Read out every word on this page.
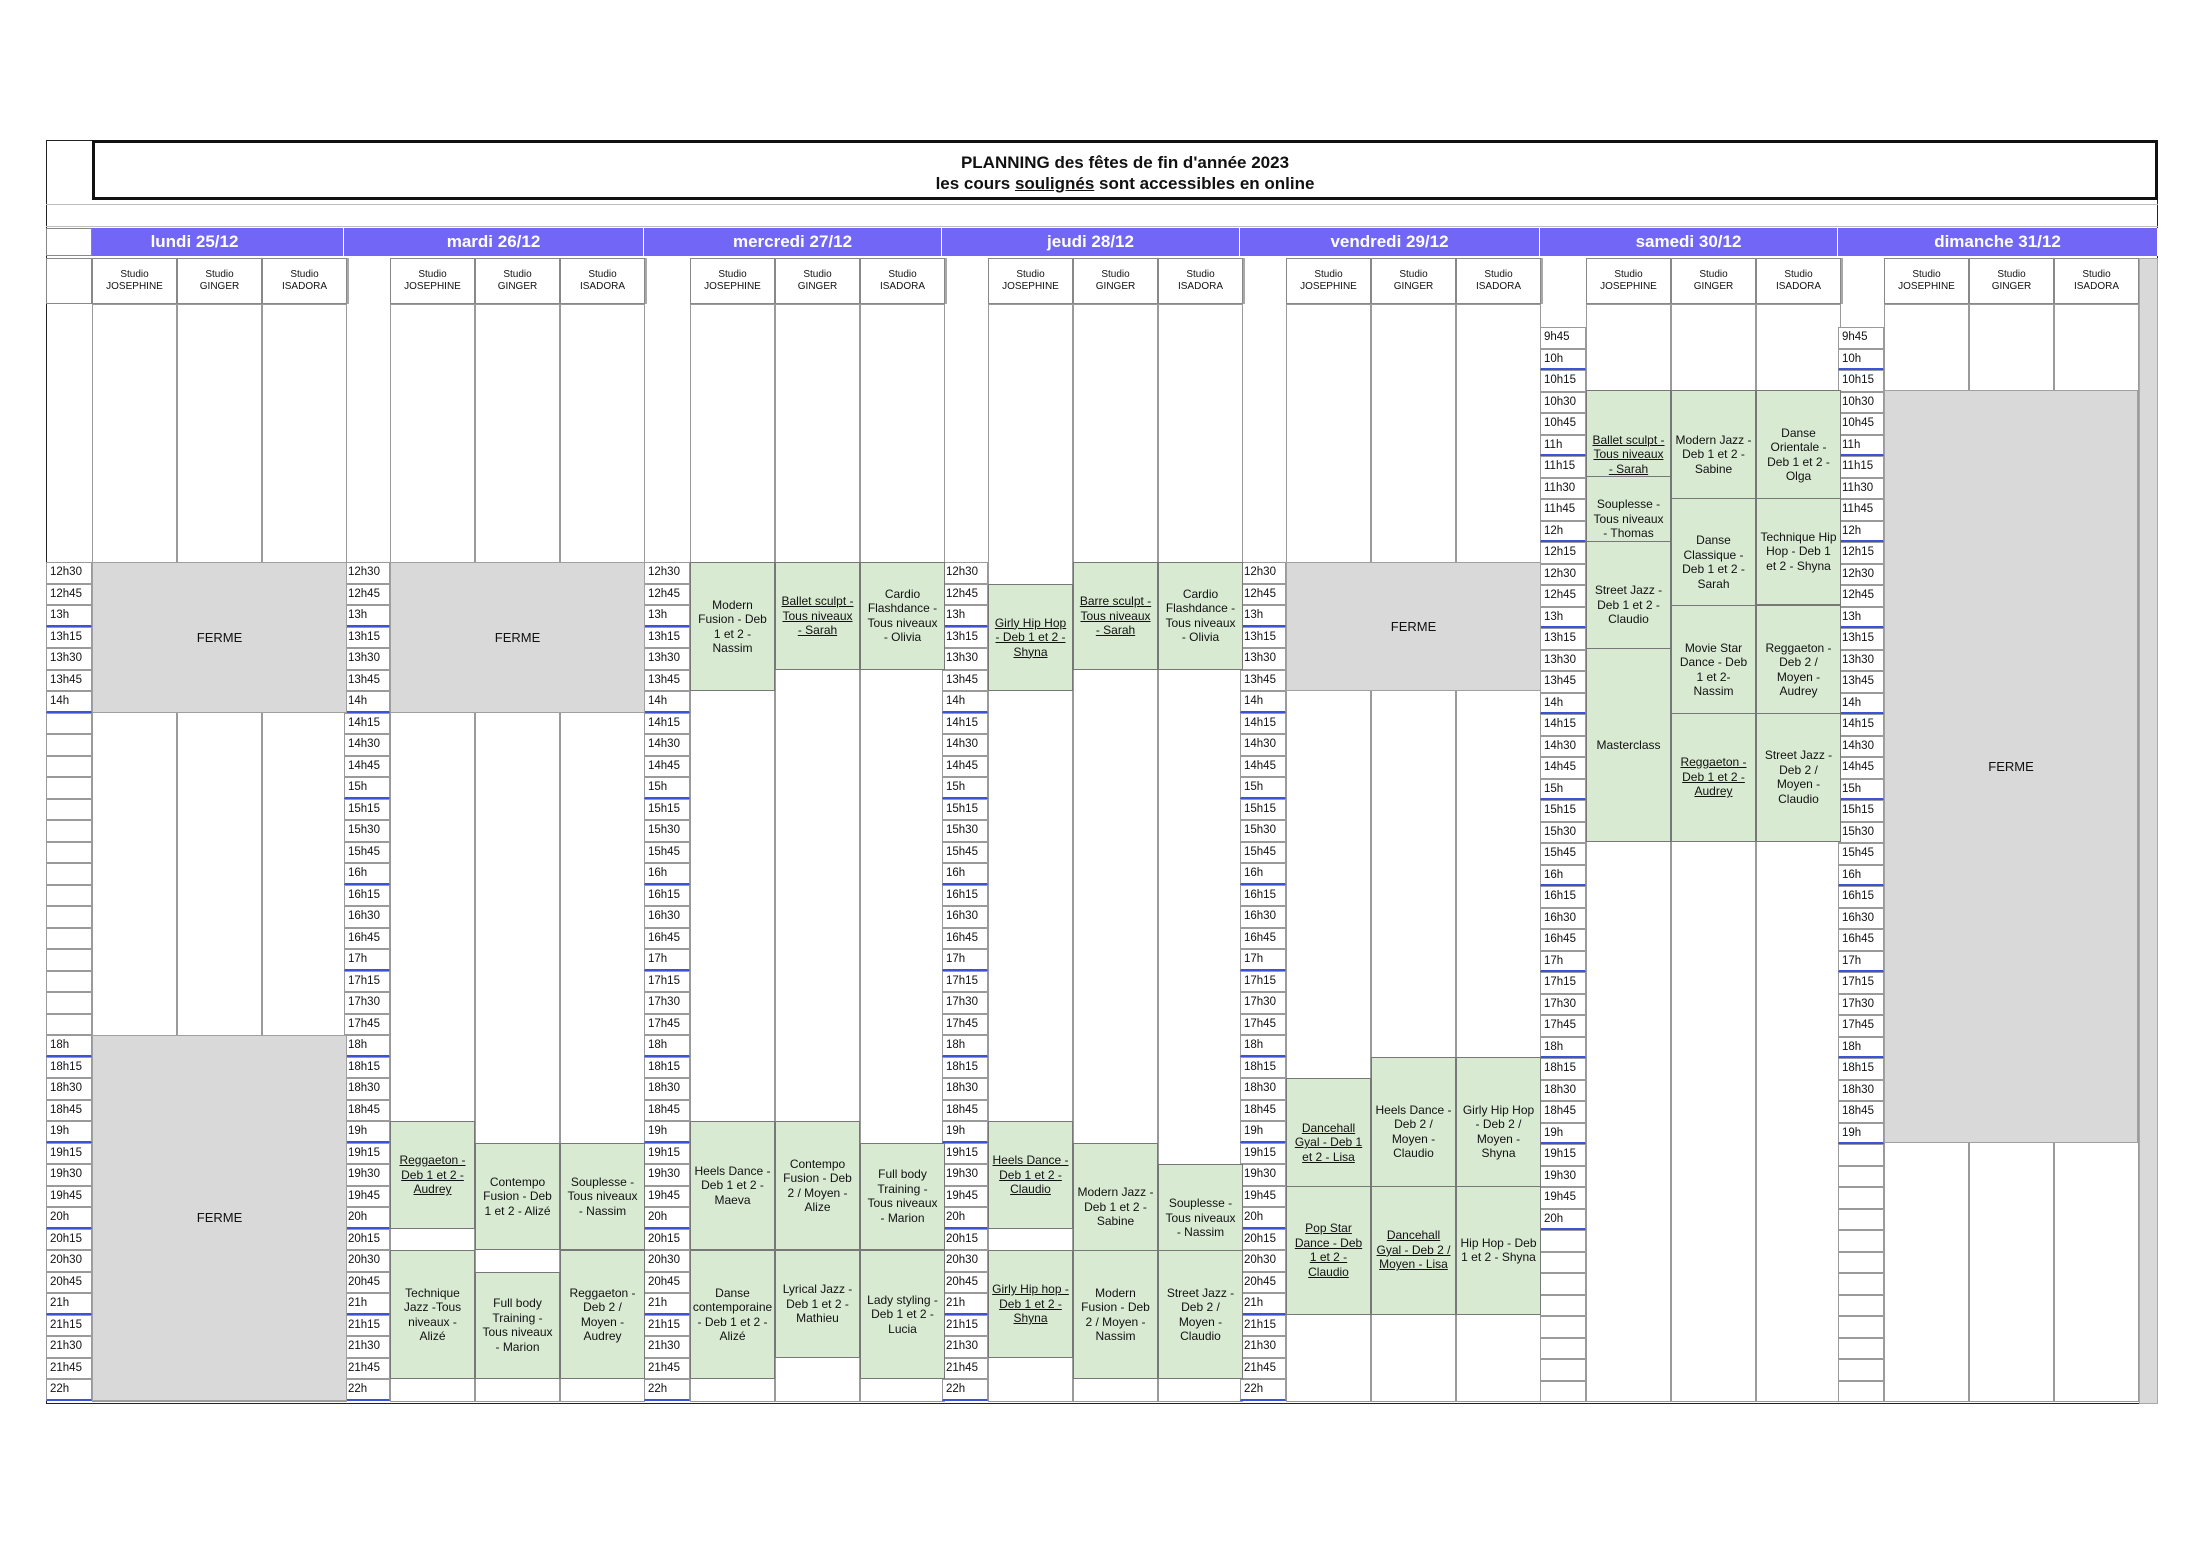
PLANNING des fêtes de fin d'année 2023
les cours soulignés sont accessibles en online
lundi 25/12
Studio
JOSEPHINE
Studio
GINGER
Studio
ISADORA
mardi 26/12
Studio
JOSEPHINE
Studio
GINGER
Studio
ISADORA
mercredi 27/12
Studio
JOSEPHINE
Studio
GINGER
Studio
ISADORA
jeudi 28/12
Studio
JOSEPHINE
Studio
GINGER
Studio
ISADORA
vendredi 29/12
Studio
JOSEPHINE
Studio
GINGER
Studio
ISADORA
samedi 30/12
Studio
JOSEPHINE
Studio
GINGER
Studio
ISADORA
dimanche 31/12
Studio
JOSEPHINE
Studio
GINGER
Studio
ISADORA
12h30
12h45
13h
13h15
13h30
13h45
14h
18h
18h15
18h30
18h45
19h
19h15
19h30
19h45
20h
20h15
20h30
20h45
21h
21h15
21h30
21h45
22h
12h30
12h45
13h
13h15
13h30
13h45
14h
14h15
14h30
14h45
15h
15h15
15h30
15h45
16h
16h15
16h30
16h45
17h
17h15
17h30
17h45
18h
18h15
18h30
18h45
19h
19h15
19h30
19h45
20h
20h15
20h30
20h45
21h
21h15
21h30
21h45
22h
12h30
12h45
13h
13h15
13h30
13h45
14h
14h15
14h30
14h45
15h
15h15
15h30
15h45
16h
16h15
16h30
16h45
17h
17h15
17h30
17h45
18h
18h15
18h30
18h45
19h
19h15
19h30
19h45
20h
20h15
20h30
20h45
21h
21h15
21h30
21h45
22h
12h30
12h45
13h
13h15
13h30
13h45
14h
14h15
14h30
14h45
15h
15h15
15h30
15h45
16h
16h15
16h30
16h45
17h
17h15
17h30
17h45
18h
18h15
18h30
18h45
19h
19h15
19h30
19h45
20h
20h15
20h30
20h45
21h
21h15
21h30
21h45
22h
12h30
12h45
13h
13h15
13h30
13h45
14h
14h15
14h30
14h45
15h
15h15
15h30
15h45
16h
16h15
16h30
16h45
17h
17h15
17h30
17h45
18h
18h15
18h30
18h45
19h
19h15
19h30
19h45
20h
20h15
20h30
20h45
21h
21h15
21h30
21h45
22h
9h45
10h
10h15
10h30
10h45
11h
11h15
11h30
11h45
12h
12h15
12h30
12h45
13h
13h15
13h30
13h45
14h
14h15
14h30
14h45
15h
15h15
15h30
15h45
16h
16h15
16h30
16h45
17h
17h15
17h30
17h45
18h
18h15
18h30
18h45
19h
19h15
19h30
19h45
20h
9h45
10h
10h15
10h30
10h45
11h
11h15
11h30
11h45
12h
12h15
12h30
12h45
13h
13h15
13h30
13h45
14h
14h15
14h30
14h45
15h
15h15
15h30
15h45
16h
16h15
16h30
16h45
17h
17h15
17h30
17h45
18h
18h15
18h30
18h45
19h
FERME
FERME
FERME
FERME
FERME
Reggaeton - Deb 1 et 2 - Audrey
Contempo Fusion - Deb 1 et 2 - Alizé
Souplesse - Tous niveaux - Nassim
Technique Jazz -Tous niveaux - Alizé
Full body Training - Tous niveaux - Marion
Reggaeton - Deb 2 / Moyen - Audrey
Modern Fusion - Deb 1 et 2 - Nassim
Ballet sculpt - Tous niveaux - Sarah
Cardio Flashdance - Tous niveaux - Olivia
Heels Dance - Deb 1 et 2 - Maeva
Contempo Fusion - Deb 2 / Moyen - Alize
Full body Training - Tous niveaux - Marion
Danse contemporaine - Deb 1 et 2 - Alizé
Lyrical Jazz - Deb 1 et 2 - Mathieu
Lady styling - Deb 1 et 2 - Lucia
Girly Hip Hop - Deb 1 et 2 - Shyna
Barre sculpt - Tous niveaux - Sarah
Cardio Flashdance - Tous niveaux - Olivia
Heels Dance - Deb 1 et 2 - Claudio	Modern Jazz - Deb 1 et 2 - Sabine
Souplesse - Tous niveaux - Nassim
Girly Hip hop - Deb 1 et 2 - Shyna
Modern Fusion - Deb 2 / Moyen - Nassim
Street Jazz - Deb 2 / Moyen - Claudio
Dancehall Gyal - Deb 1 et 2 - Lisa
Heels Dance - Deb 2 / Moyen - Claudio
Girly Hip Hop - Deb 2 / Moyen - Shyna
Pop Star Dance - Deb 1 et 2 - Claudio
Dancehall Gyal - Deb 2 / Moyen - Lisa
Hip Hop - Deb 1 et 2 - Shyna
Ballet sculpt - Tous niveaux - Sarah
Modern Jazz - Deb 1 et 2 - Sabine
Danse Orientale - Deb 1 et 2 - Olga
Souplesse - Tous niveaux - Thomas	Danse Classique - Deb 1 et 2 - Sarah
Technique Hip Hop - Deb 1 et 2 - Shyna
Street Jazz - Deb 1 et 2 - Claudio
Movie Star Dance - Deb 1 et 2- Nassim
Reggaeton - Deb 2 / Moyen - Audrey
Masterclass
Reggaeton - Deb 1 et 2 - Audrey
Street Jazz - Deb 2 / Moyen - Claudio
